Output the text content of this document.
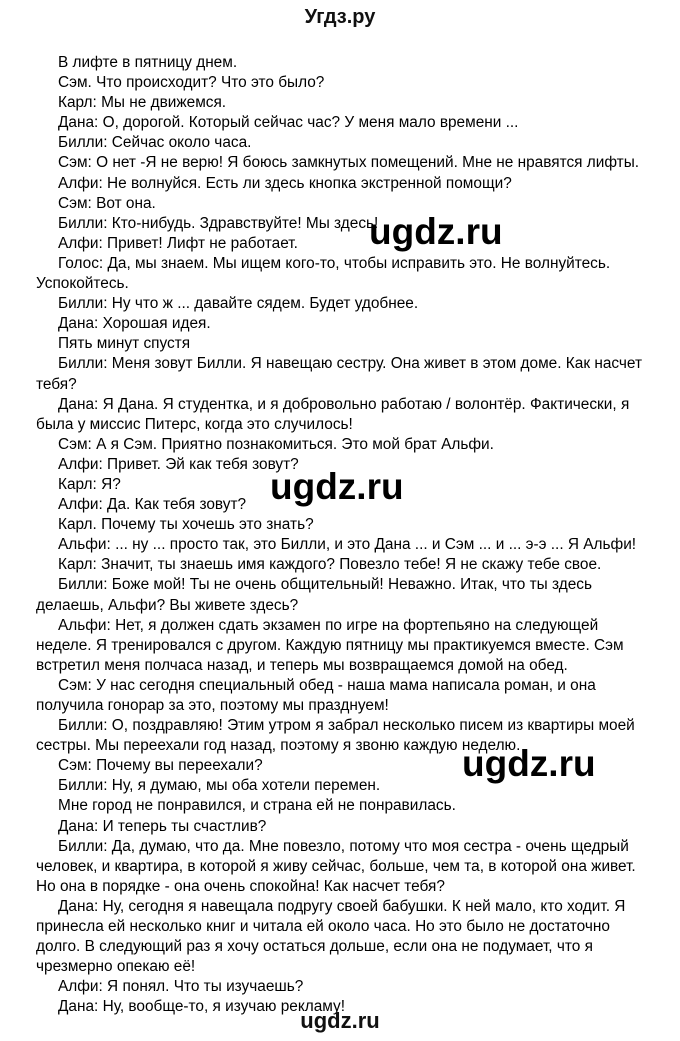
Угдз.ру
В лифте в пятницу днем.
Сэм. Что происходит? Что это было?
Карл: Мы не движемся.
Дана: О, дорогой. Который сейчас час? У меня мало времени ...
Билли: Сейчас около часа.
Сэм: О нет -Я не верю! Я боюсь замкнутых помещений. Мне не нравятся лифты.
Алфи: Не волнуйся. Есть ли здесь кнопка экстренной помощи?
Сэм: Вот она.
Билли: Кто-нибудь. Здравствуйте! Мы здесь!
Алфи: Привет! Лифт не работает.
Голос: Да, мы знаем. Мы ищем кого-то, чтобы исправить это. Не волнуйтесь.
Успокойтесь.
Билли: Ну что ж ... давайте сядем. Будет удобнее.
Дана: Хорошая идея.
Пять минут спустя
Билли: Меня зовут Билли. Я навещаю сестру. Она живет в этом доме. Как насчет
тебя?
Дана: Я Дана. Я студентка, и я добровольно работаю / волонтёр. Фактически, я
была у миссис Питерс, когда это случилось!
Сэм: А я Сэм. Приятно познакомиться. Это мой брат Альфи.
Алфи: Привет. Эй как тебя зовут?
Карл: Я?
Алфи: Да. Как тебя зовут?
Карл. Почему ты хочешь это знать?
Альфи: ... ну ... просто так, это Билли, и это Дана ... и Сэм ... и ... э-э ... Я Альфи!
Карл: Значит, ты знаешь имя каждого? Повезло тебе! Я не скажу тебе свое.
Билли: Боже мой! Ты не очень общительный! Неважно. Итак, что ты здесь
делаешь, Альфи? Вы живете здесь?
Альфи: Нет, я должен сдать экзамен по игре на фортепьяно на следующей
неделе. Я тренировался с другом. Каждую пятницу мы практикуемся вместе. Сэм
встретил меня полчаса назад, и теперь мы возвращаемся домой на обед.
Сэм: У нас сегодня специальный обед - наша мама написала роман, и она
получила гонорар за это, поэтому мы празднуем!
Билли: О, поздравляю! Этим утром я забрал несколько писем из квартиры моей
сестры. Мы переехали год назад, поэтому я звоню каждую неделю.
Сэм: Почему вы переехали?
Билли: Ну, я думаю, мы оба хотели перемен.
Мне город не понравился, и страна ей не понравилась.
Дана: И теперь ты счастлив?
Билли: Да, думаю, что да. Мне повезло, потому что моя сестра - очень щедрый
человек, и квартира, в которой я живу сейчас, больше, чем та, в которой она живет.
Но она в порядке - она очень спокойна! Как насчет тебя?
Дана: Ну, сегодня я навещала подругу своей бабушки. К ней мало, кто ходит. Я
принесла ей несколько книг и читала ей около часа. Но это было не достаточно
долго. В следующий раз я хочу остаться дольше, если она не подумает, что я
чрезмерно опекаю её!
Алфи: Я понял. Что ты изучаешь?
Дана: Ну, вообще-то, я изучаю рекламу!
ugdz.ru
ugdz.ru
ugdz.ru
ugdz.ru
